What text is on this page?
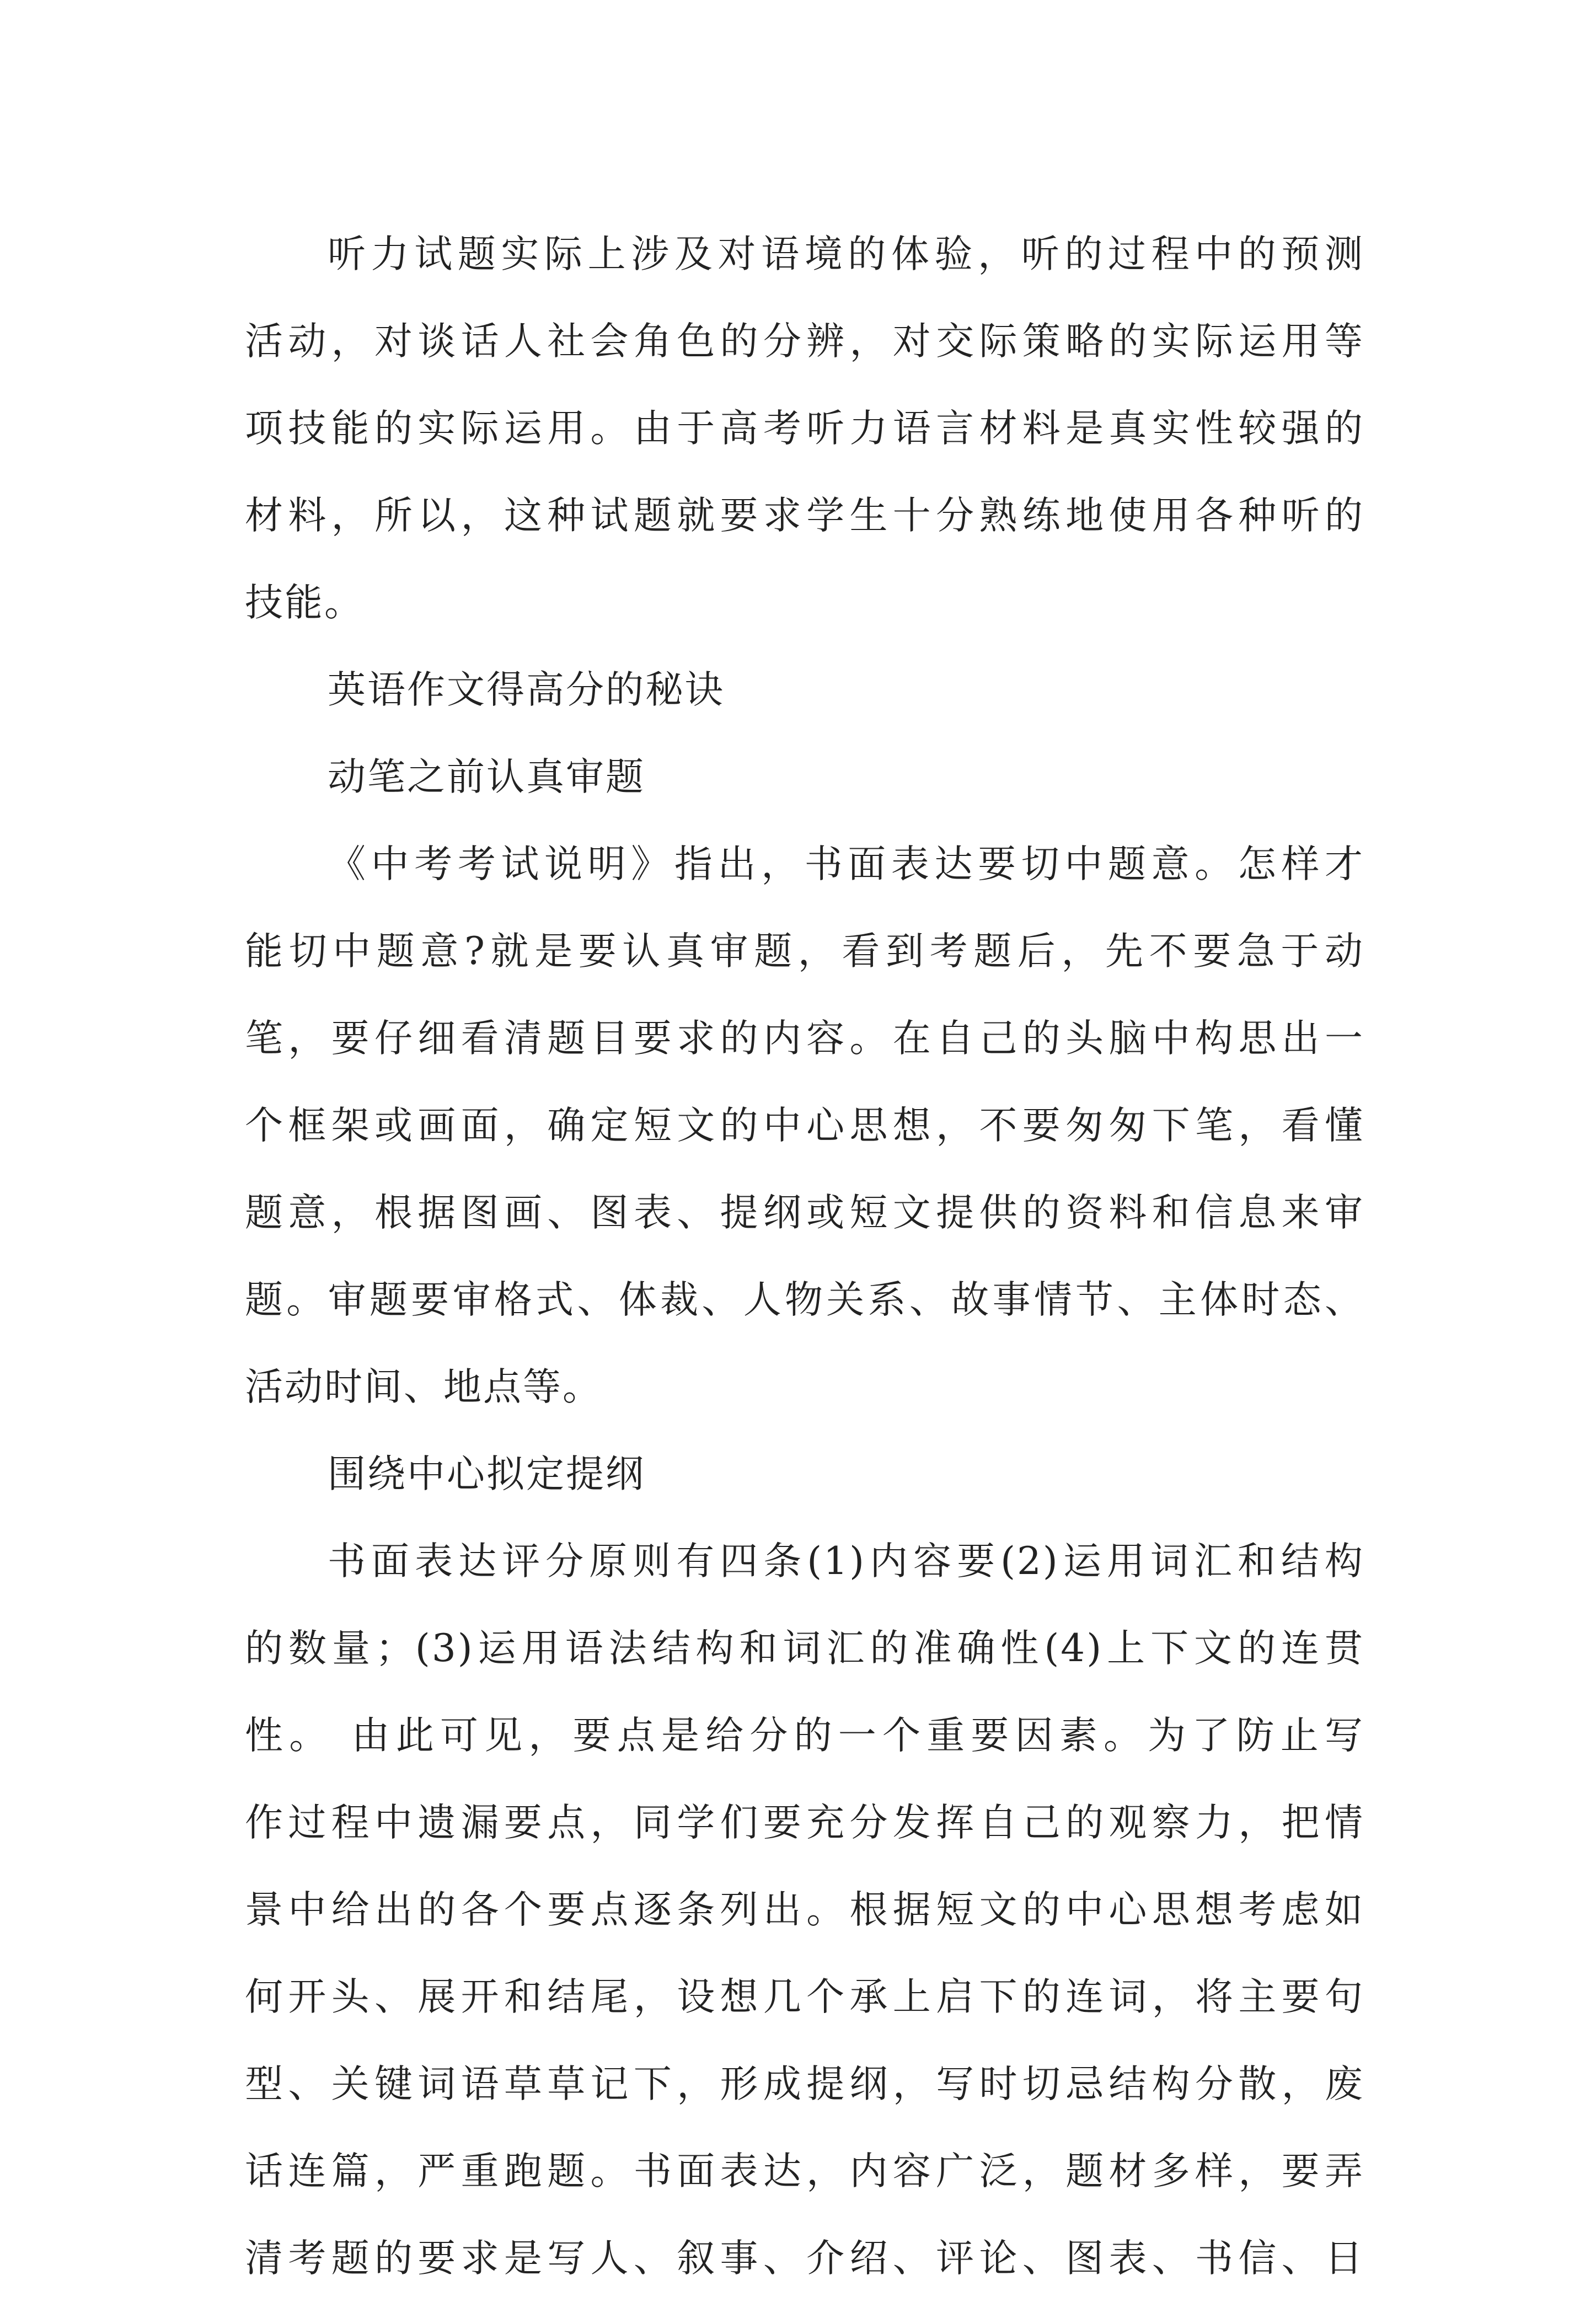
听力试题实际上涉及对语境的体验，听的过程中的预测
活动，对谈话人社会角色的分辨，对交际策略的实际运用等
项技能的实际运用。由于高考听力语言材料是真实性较强的
材料，所以，这种试题就要求学生十分熟练地使用各种听的
技能。
英语作文得高分的秘诀
动笔之前认真审题
《中考考试说明》指出，书面表达要切中题意。怎样才
能切中题意?就是要认真审题，看到考题后，先不要急于动
笔，要仔细看清题目要求的内容。在自己的头脑中构思出一
个框架或画面，确定短文的中心思想，不要匆匆下笔，看懂
题意，根据图画、图表、提纲或短文提供的资料和信息来审
题。审题要审格式、体裁、人物关系、故事情节、主体时态、
活动时间、地点等。
围绕中心拟定提纲
书面表达评分原则有四条(1)内容要(2)运用词汇和结构
的数量；(3)运用语法结构和词汇的准确性(4)上下文的连贯
性。 由此可见，要点是给分的一个重要因素。为了防止写
作过程中遗漏要点，同学们要充分发挥自己的观察力，把情
景中给出的各个要点逐条列出。根据短文的中心思想考虑如
何开头、展开和结尾，设想几个承上启下的连词，将主要句
型、关键词语草草记下，形成提纲，写时切忌结构分散，废
话连篇，严重跑题。书面表达，内容广泛，题材多样，要弄
清考题的要求是写人、叙事、介绍、评论、图表、书信、日
